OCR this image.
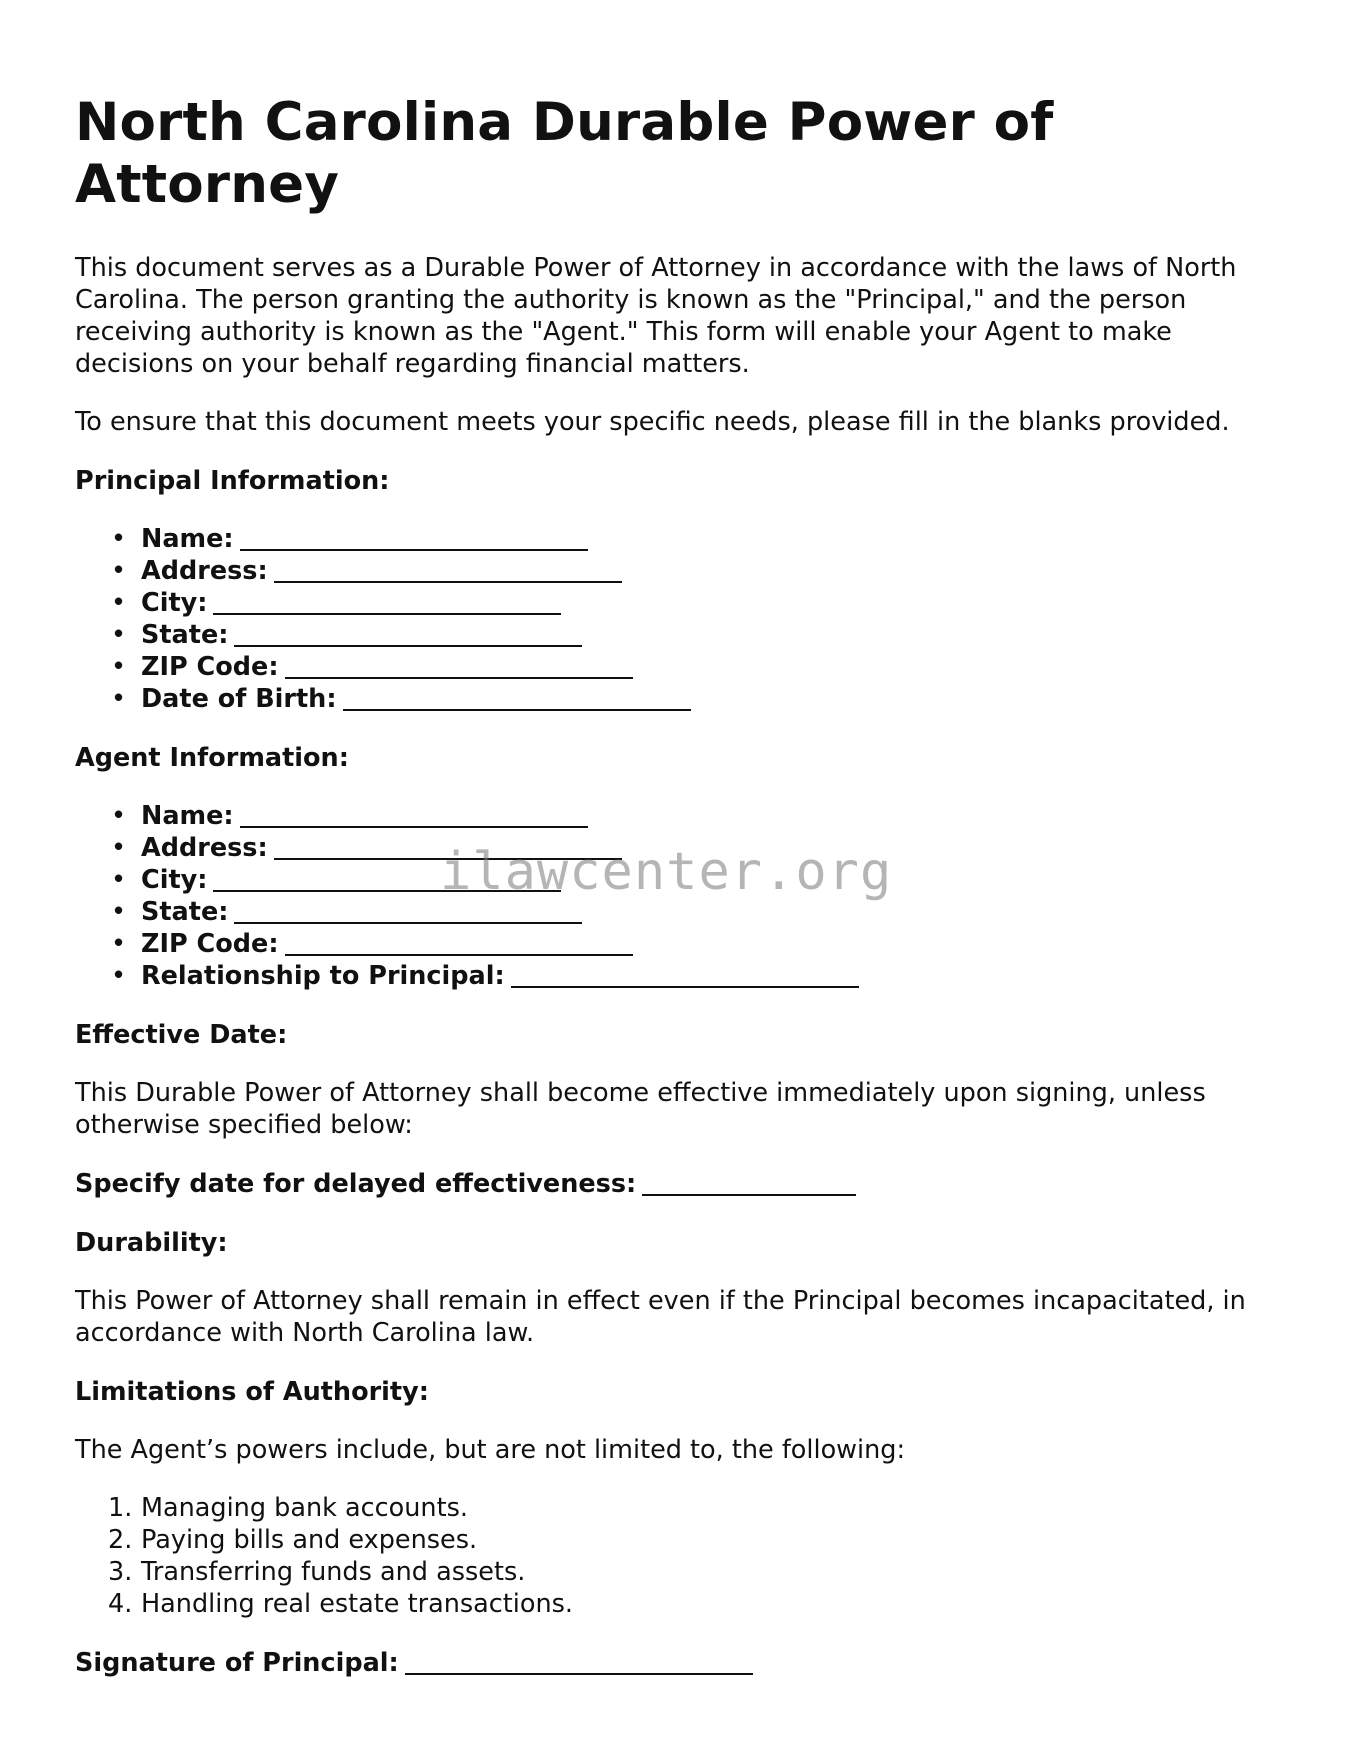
North Carolina Durable Power of Attorney

This document serves as a Durable Power of Attorney in accordance with the laws of North Carolina. The person granting the authority is known as the "Principal," and the person receiving authority is known as the "Agent." This form will enable your Agent to make decisions on your behalf regarding financial matters.

To ensure that this document meets your specific needs, please fill in the blanks provided.

Principal Information:

• Name:
• Address:
• City:
• State:
• ZIP Code:
• Date of Birth:

Agent Information:

• Name:
• Address:
• City:
• State:
• ZIP Code:
• Relationship to Principal:

Effective Date:

This Durable Power of Attorney shall become effective immediately upon signing, unless otherwise specified below:

Specify date for delayed effectiveness:

Durability:

This Power of Attorney shall remain in effect even if the Principal becomes incapacitated, in accordance with North Carolina law.

Limitations of Authority:

The Agent’s powers include, but are not limited to, the following:

1. Managing bank accounts.
2. Paying bills and expenses.
3. Transferring funds and assets.
4. Handling real estate transactions.

Signature of Principal:

ilawcenter.org
